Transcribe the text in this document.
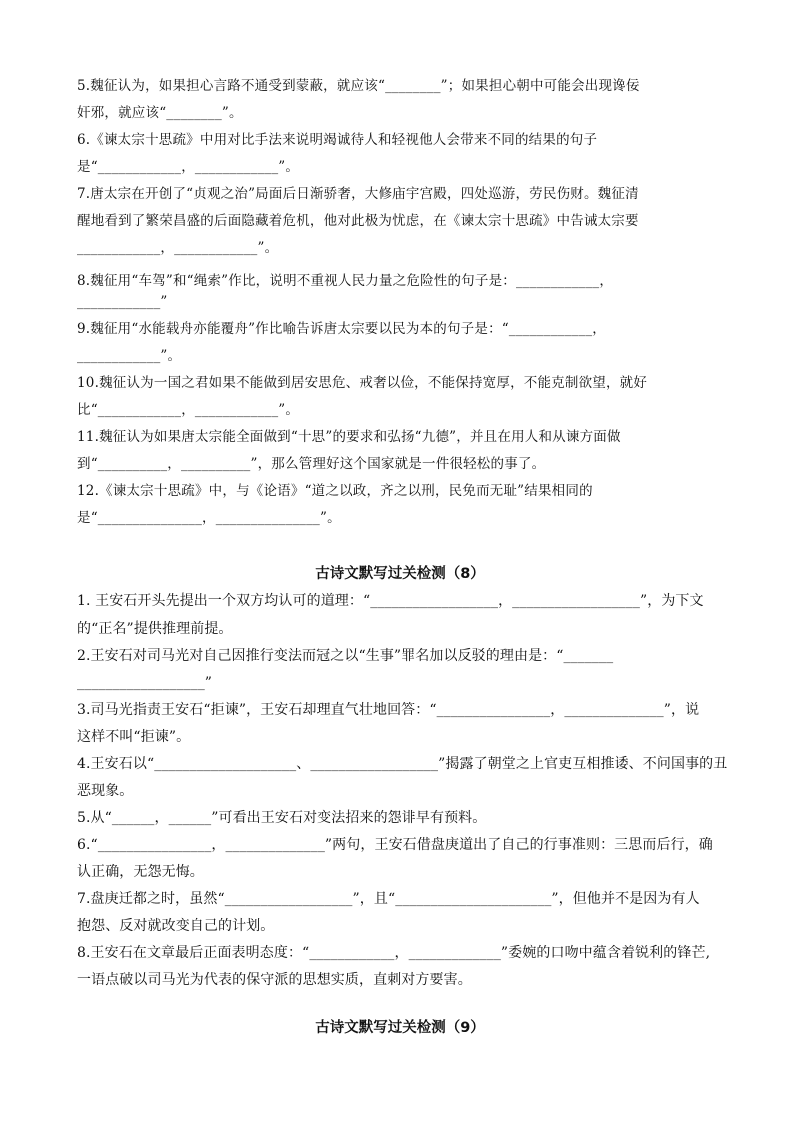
5.魏征认为，如果担心言路不通受到蒙蔽，就应该“________”；如果担心朝中可能会出现谗佞
奸邪，就应该“________”。
6.《谏太宗十思疏》中用对比手法来说明竭诚待人和轻视他人会带来不同的结果的句子
是“____________，____________”。
7.唐太宗在开创了“贞观之治”局面后日渐骄奢，大修庙宇宫殿，四处巡游，劳民伤财。魏征清
醒地看到了繁荣昌盛的后面隐藏着危机，他对此极为忧虑，在《谏太宗十思疏》中告诫太宗要
____________，____________”。
8.魏征用“车驾”和“绳索”作比，说明不重视人民力量之危险性的句子是：____________，
____________”
9.魏征用“水能载舟亦能覆舟”作比喻告诉唐太宗要以民为本的句子是：“____________，
____________”。
10.魏征认为一国之君如果不能做到居安思危、戒奢以俭，不能保持宽厚，不能克制欲望，就好
比“____________，____________”。
11.魏征认为如果唐太宗能全面做到“十思”的要求和弘扬“九德”，并且在用人和从谏方面做
到“__________，__________”，那么管理好这个国家就是一件很轻松的事了。
12.《谏太宗十思疏》中，与《论语》“道之以政，齐之以刑，民免而无耻”结果相同的
是“_______________，_______________”。
古诗文默写过关检测（8）
1. 王安石开头先提出一个双方均认可的道理：“__________________，__________________”，为下文
的“正名”提供推理前提。
2.王安石对司马光对自己因推行变法而冠之以“生事”罪名加以反驳的理由是：“_______
__________________”
3.司马光指责王安石“拒谏”，王安石却理直气壮地回答：“________________，______________”，说
这样不叫“拒谏”。
4.王安石以“____________________、__________________”揭露了朝堂之上官吏互相推诿、不问国事的丑
恶现象。
5.从“______，______”可看出王安石对变法招来的怨诽早有预料。
6.“________________，______________”两句，王安石借盘庚道出了自己的行事准则：三思而后行，确
认正确，无怨无悔。
7.盘庚迁都之时，虽然“__________________”，且“______________________”，但他并不是因为有人
抱怨、反对就改变自己的计划。
8.王安石在文章最后正面表明态度：“____________，_____________”委婉的口吻中蕴含着锐利的锋芒,
一语点破以司马光为代表的保守派的思想实质，直刺对方要害。
古诗文默写过关检测（9）
